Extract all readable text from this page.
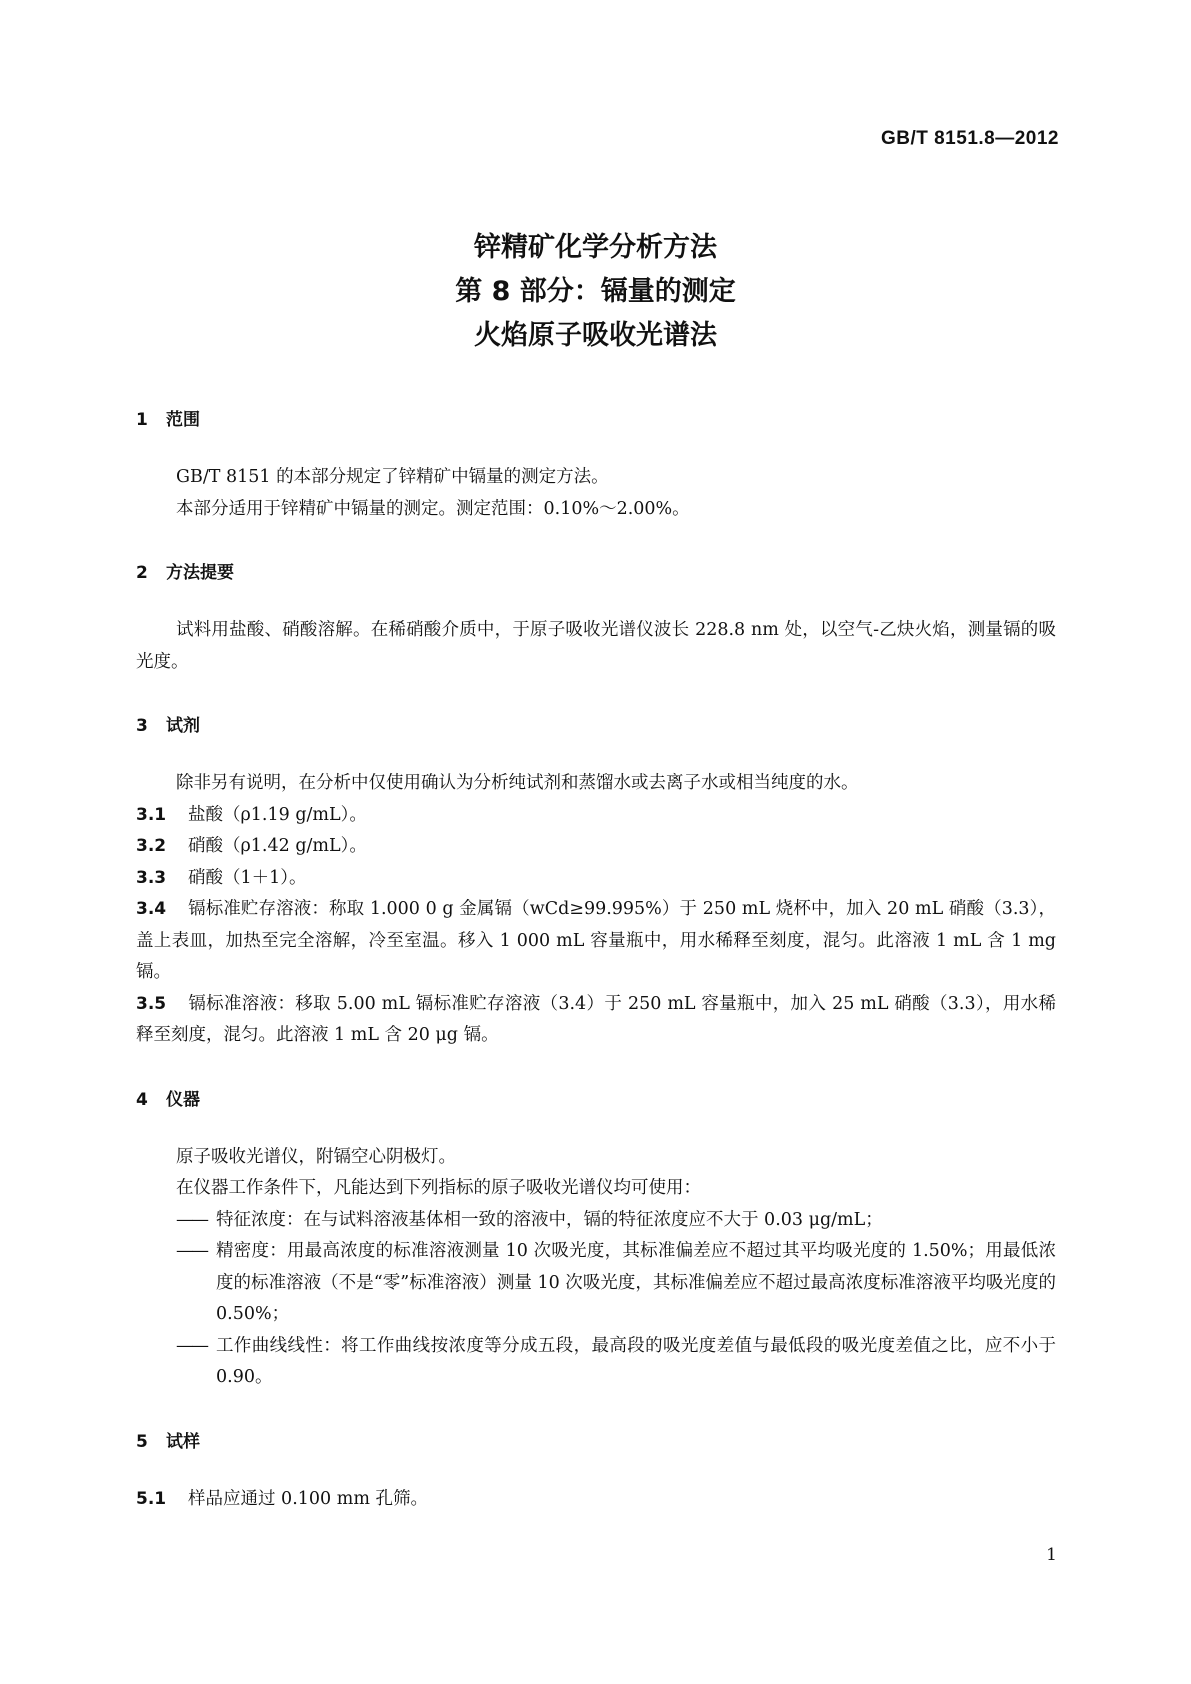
GB/T 8151.8—2012
锌精矿化学分析方法
第 8 部分：镉量的测定
火焰原子吸收光谱法
1 范围
GB/T 8151 的本部分规定了锌精矿中镉量的测定方法。
本部分适用于锌精矿中镉量的测定。测定范围：0.10%～2.00%。
2 方法提要
试料用盐酸、硝酸溶解。在稀硝酸介质中，于原子吸收光谱仪波长 228.8 nm 处，以空气-乙炔火焰，测量镉的吸光度。
3 试剂
除非另有说明，在分析中仅使用确认为分析纯试剂和蒸馏水或去离子水或相当纯度的水。
3.1 盐酸（ρ1.19 g/mL）。
3.2 硝酸（ρ1.42 g/mL）。
3.3 硝酸（1＋1）。
3.4 镉标准贮存溶液：称取 1.000 0 g 金属镉（wCd≥99.995%）于 250 mL 烧杯中，加入 20 mL 硝酸（3.3），盖上表皿，加热至完全溶解，冷至室温。移入 1 000 mL 容量瓶中，用水稀释至刻度，混匀。此溶液 1 mL 含 1 mg 镉。
3.5 镉标准溶液：移取 5.00 mL 镉标准贮存溶液（3.4）于 250 mL 容量瓶中，加入 25 mL 硝酸（3.3），用水稀释至刻度，混匀。此溶液 1 mL 含 20 μg 镉。
4 仪器
原子吸收光谱仪，附镉空心阴极灯。
在仪器工作条件下，凡能达到下列指标的原子吸收光谱仪均可使用：
—— 特征浓度：在与试料溶液基体相一致的溶液中，镉的特征浓度应不大于 0.03 μg/mL；
—— 精密度：用最高浓度的标准溶液测量 10 次吸光度，其标准偏差应不超过其平均吸光度的 1.50%；用最低浓度的标准溶液（不是“零”标准溶液）测量 10 次吸光度，其标准偏差应不超过最高浓度标准溶液平均吸光度的 0.50%；
—— 工作曲线线性：将工作曲线按浓度等分成五段，最高段的吸光度差值与最低段的吸光度差值之比，应不小于 0.90。
5 试样
5.1 样品应通过 0.100 mm 孔筛。
1
